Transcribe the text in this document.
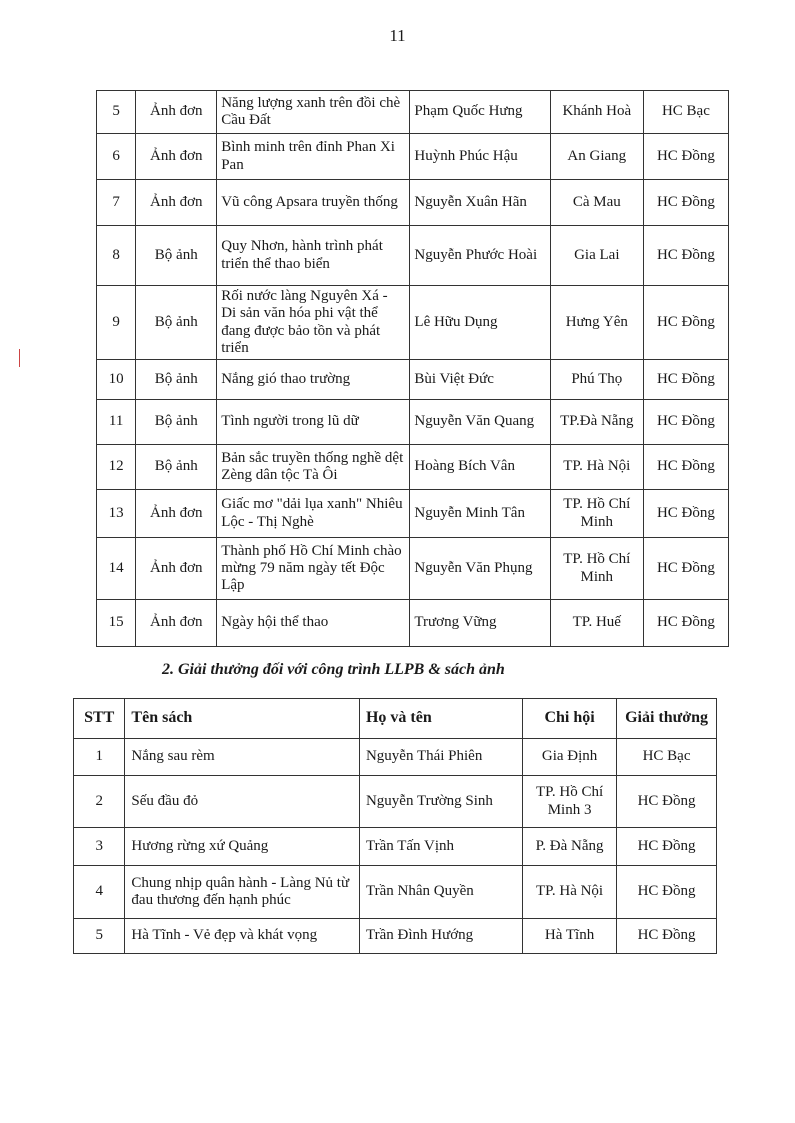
11
5	Ảnh đơn	Năng lượng xanh trên đồi chè Cầu Đất	Phạm Quốc Hưng	Khánh Hoà	HC Bạc
6	Ảnh đơn	Bình minh trên đỉnh Phan Xi Pan	Huỳnh Phúc Hậu	An Giang	HC Đồng
7	Ảnh đơn	Vũ công Apsara truyền thống	Nguyễn Xuân Hãn	Cà Mau	HC Đồng
8	Bộ ảnh	Quy Nhơn, hành trình phát triển thể thao biển	Nguyễn Phước Hoài	Gia Lai	HC Đồng
9	Bộ ảnh	Rối nước làng Nguyên Xá - Di sản văn hóa phi vật thể đang được bảo tồn và phát triển	Lê Hữu Dụng	Hưng Yên	HC Đồng
10	Bộ ảnh	Nắng gió thao trường	Bùi Việt Đức	Phú Thọ	HC Đồng
11	Bộ ảnh	Tình người trong lũ dữ	Nguyễn Văn Quang	TP.Đà Nẵng	HC Đồng
12	Bộ ảnh	Bản sắc truyền thống nghề dệt Zèng dân tộc Tà Ôi	Hoàng Bích Vân	TP. Hà Nội	HC Đồng
13	Ảnh đơn	Giấc mơ "dải lụa xanh" Nhiêu Lộc - Thị Nghè	Nguyễn Minh Tân	TP. Hồ Chí Minh	HC Đồng
14	Ảnh đơn	Thành phố Hồ Chí Minh chào mừng 79 năm ngày tết Độc Lập	Nguyễn Văn Phụng	TP. Hồ Chí Minh	HC Đồng
15	Ảnh đơn	Ngày hội thể thao	Trương Vững	TP. Huế	HC Đồng
2. Giải thưởng đối với công trình LLPB & sách ảnh
STT	Tên sách	Họ và tên	Chi hội	Giải thưởng
1	Nắng sau rèm	Nguyễn Thái Phiên	Gia Định	HC Bạc
2	Sếu đầu đỏ	Nguyễn Trường Sinh	TP. Hồ Chí Minh 3	HC Đồng
3	Hương rừng xứ Quảng	Trần Tấn Vịnh	P. Đà Nẵng	HC Đồng
4	Chung nhịp quân hành - Làng Nủ từ đau thương đến hạnh phúc	Trần Nhân Quyền	TP. Hà Nội	HC Đồng
5	Hà Tĩnh - Vẻ đẹp và khát vọng	Trần Đình Hướng	Hà Tĩnh	HC Đồng
